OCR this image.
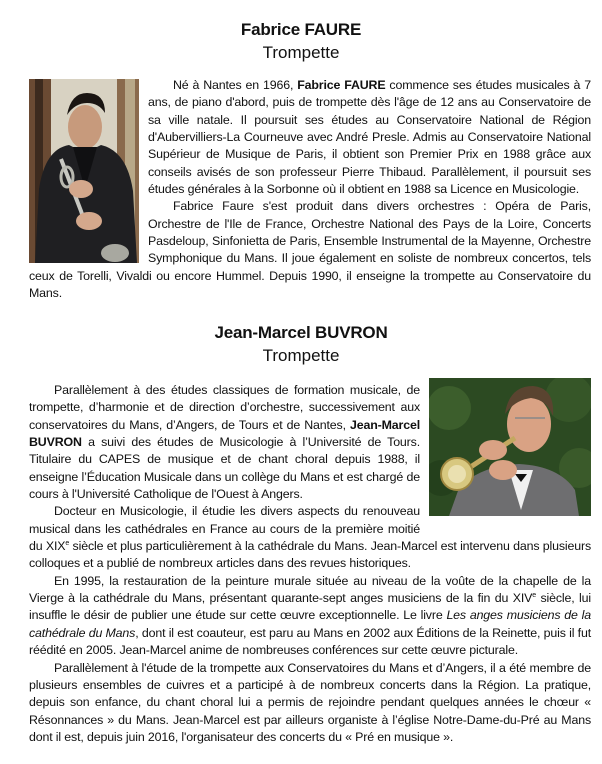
Fabrice FAURE
Trompette

Né à Nantes en 1966, Fabrice FAURE commence ses études musicales à 7 ans, de piano d'abord, puis de trompette dès l'âge de 12 ans au Conservatoire de sa ville natale. Il poursuit ses études au Conservatoire National de Région d'Aubervilliers-La Courneuve avec André Presle. Admis au Conservatoire National Supérieur de Musique de Paris, il obtient son Premier Prix en 1988 grâce aux conseils avisés de son professeur Pierre Thibaud. Parallèlement, il poursuit ses études générales à la Sorbonne où il obtient en 1988 sa Licence en Musicologie.

Fabrice Faure s'est produit dans divers orchestres : Opéra de Paris, Orchestre de l'Ile de France, Orchestre National des Pays de la Loire, Concerts Pasdeloup, Sinfonietta de Paris, Ensemble Instrumental de la Mayenne, Orchestre Symphonique du Mans. Il joue également en soliste de nombreux concertos, tels ceux de Torelli, Vivaldi ou encore Hummel. Depuis 1990, il enseigne la trompette au Conservatoire du Mans.

Jean-Marcel BUVRON
Trompette

Parallèlement à des études classiques de formation musicale, de trompette, d’harmonie et de direction d’orchestre, successivement aux conservatoires du Mans, d’Angers, de Tours et de Nantes, Jean-Marcel BUVRON a suivi des études de Musicologie à l’Université de Tours. Titulaire du CAPES de musique et de chant choral depuis 1988, il enseigne l’Éducation Musicale dans un collège du Mans et est chargé de cours à l'Université Catholique de l'Ouest à Angers.

Docteur en Musicologie, il étudie les divers aspects du renouveau musical dans les cathédrales en France au cours de la première moitié du XIXe siècle et plus particulièrement à la cathédrale du Mans. Jean-Marcel est intervenu dans plusieurs colloques et a publié de nombreux articles dans des revues historiques.

En 1995, la restauration de la peinture murale située au niveau de la voûte de la chapelle de la Vierge à la cathédrale du Mans, présentant quarante-sept anges musiciens de la fin du XIVe siècle, lui insuffle le désir de publier une étude sur cette œuvre exceptionnelle. Le livre Les anges musiciens de la cathédrale du Mans, dont il est coauteur, est paru au Mans en 2002 aux Éditions de la Reinette, puis il fut réédité en 2005. Jean-Marcel anime de nombreuses conférences sur cette œuvre picturale.

Parallèlement à l'étude de la trompette aux Conservatoires du Mans et d’Angers, il a été membre de plusieurs ensembles de cuivres et a participé à de nombreux concerts dans la Région. La pratique, depuis son enfance, du chant choral lui a permis de rejoindre pendant quelques années le chœur « Résonnances » du Mans. Jean-Marcel est par ailleurs organiste à l’église Notre-Dame-du-Pré au Mans dont il est, depuis juin 2016, l'organisateur des concerts du « Pré en musique ».
